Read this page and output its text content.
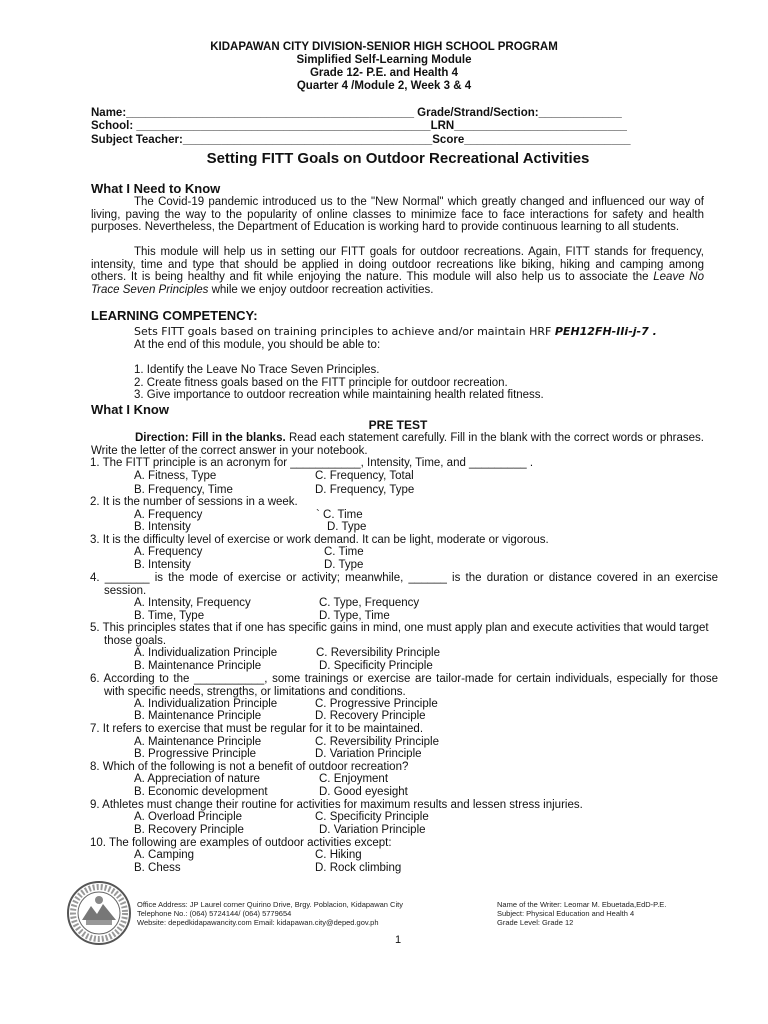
KIDAPAWAN CITY DIVISION-SENIOR HIGH SCHOOL PROGRAM
Simplified Self-Learning Module
Grade 12- P.E. and Health 4
Quarter 4 /Module 2, Week 3 & 4
Name:_____________________________________________ Grade/Strand/Section:_____________
School: ______________________________________________LRN___________________________
Subject Teacher:_______________________________________Score__________________________
Setting FITT Goals on Outdoor Recreational Activities
What I Need to Know

The Covid-19 pandemic introduced us to the "New Normal" which greatly changed and influenced our way of living, paving the way to the popularity of online classes to minimize face to face interactions for safety and health purposes. Nevertheless, the Department of Education is working hard to provide continuous learning to all students.

This module will help us in setting our FITT goals for outdoor recreations. Again, FITT stands for frequency, intensity, time and type that should be applied in doing outdoor recreations like biking, hiking and camping among others. It is being healthy and fit while enjoying the nature. This module will also help us to associate the Leave No Trace Seven Principles while we enjoy outdoor recreation activities.

LEARNING COMPETENCY:
Sets FITT goals based on training principles to achieve and/or maintain HRF PEH12FH-IIi-j-7 .
At the end of this module, you should be able to:
1. Identify the Leave No Trace Seven Principles.
2. Create fitness goals based on the FITT principle for outdoor recreation.
3. Give importance to outdoor recreation while maintaining health related fitness.
What I Know
PRE TEST

Direction: Fill in the blanks. Read each statement carefully. Fill in the blank with the correct words or phrases. Write the letter of the correct answer in your notebook.

1. The FITT principle is an acronym for ___________, Intensity, Time, and _________ .
A. Fitness, Type	C. Frequency, Total
B. Frequency, Time	D. Frequency, Type
2. It is the number of sessions in a week.
A. Frequency	` C. Time
B. Intensity	D. Type
3. It is the difficulty level of exercise or work demand. It can be light, moderate or vigorous.
A. Frequency	C. Time
B. Intensity	D. Type
4. _______ is the mode of exercise or activity; meanwhile, ______ is the duration or distance covered in an exercise session.
A. Intensity, Frequency	C. Type, Frequency
B. Time, Type	D. Type, Time
5. This principles states that if one has specific gains in mind, one must apply plan and execute activities that would target those goals.
A. Individualization Principle	C. Reversibility Principle
B. Maintenance Principle	D. Specificity Principle
6. According to the ___________, some trainings or exercise are tailor-made for certain individuals, especially for those with specific needs, strengths, or limitations and conditions.
A. Individualization Principle	C. Progressive Principle
B. Maintenance Principle	D. Recovery Principle
7. It refers to exercise that must be regular for it to be maintained.
A. Maintenance Principle	C. Reversibility Principle
B. Progressive Principle	D. Variation Principle
8. Which of the following is not a benefit of outdoor recreation?
A. Appreciation of nature	C. Enjoyment
B. Economic development	D. Good eyesight
9. Athletes must change their routine for activities for maximum results and lessen stress injuries.
A. Overload Principle	C. Specificity Principle
B. Recovery Principle	D. Variation Principle
10. The following are examples of outdoor activities except:
A. Camping	C. Hiking
B. Chess	D. Rock climbing
Office Address: JP Laurel corner Quirino Drive, Brgy. Poblacion, Kidapawan City
Telephone No.: (064) 5724144/ (064) 5779654
Website: depedkidapawancity.com Email: kidapawan.city@deped.gov.ph
Name of the Writer: Leomar M. Ebuetada,EdD-P.E.
Subject: Physical Education and Health 4
Grade Level: Grade 12
1
